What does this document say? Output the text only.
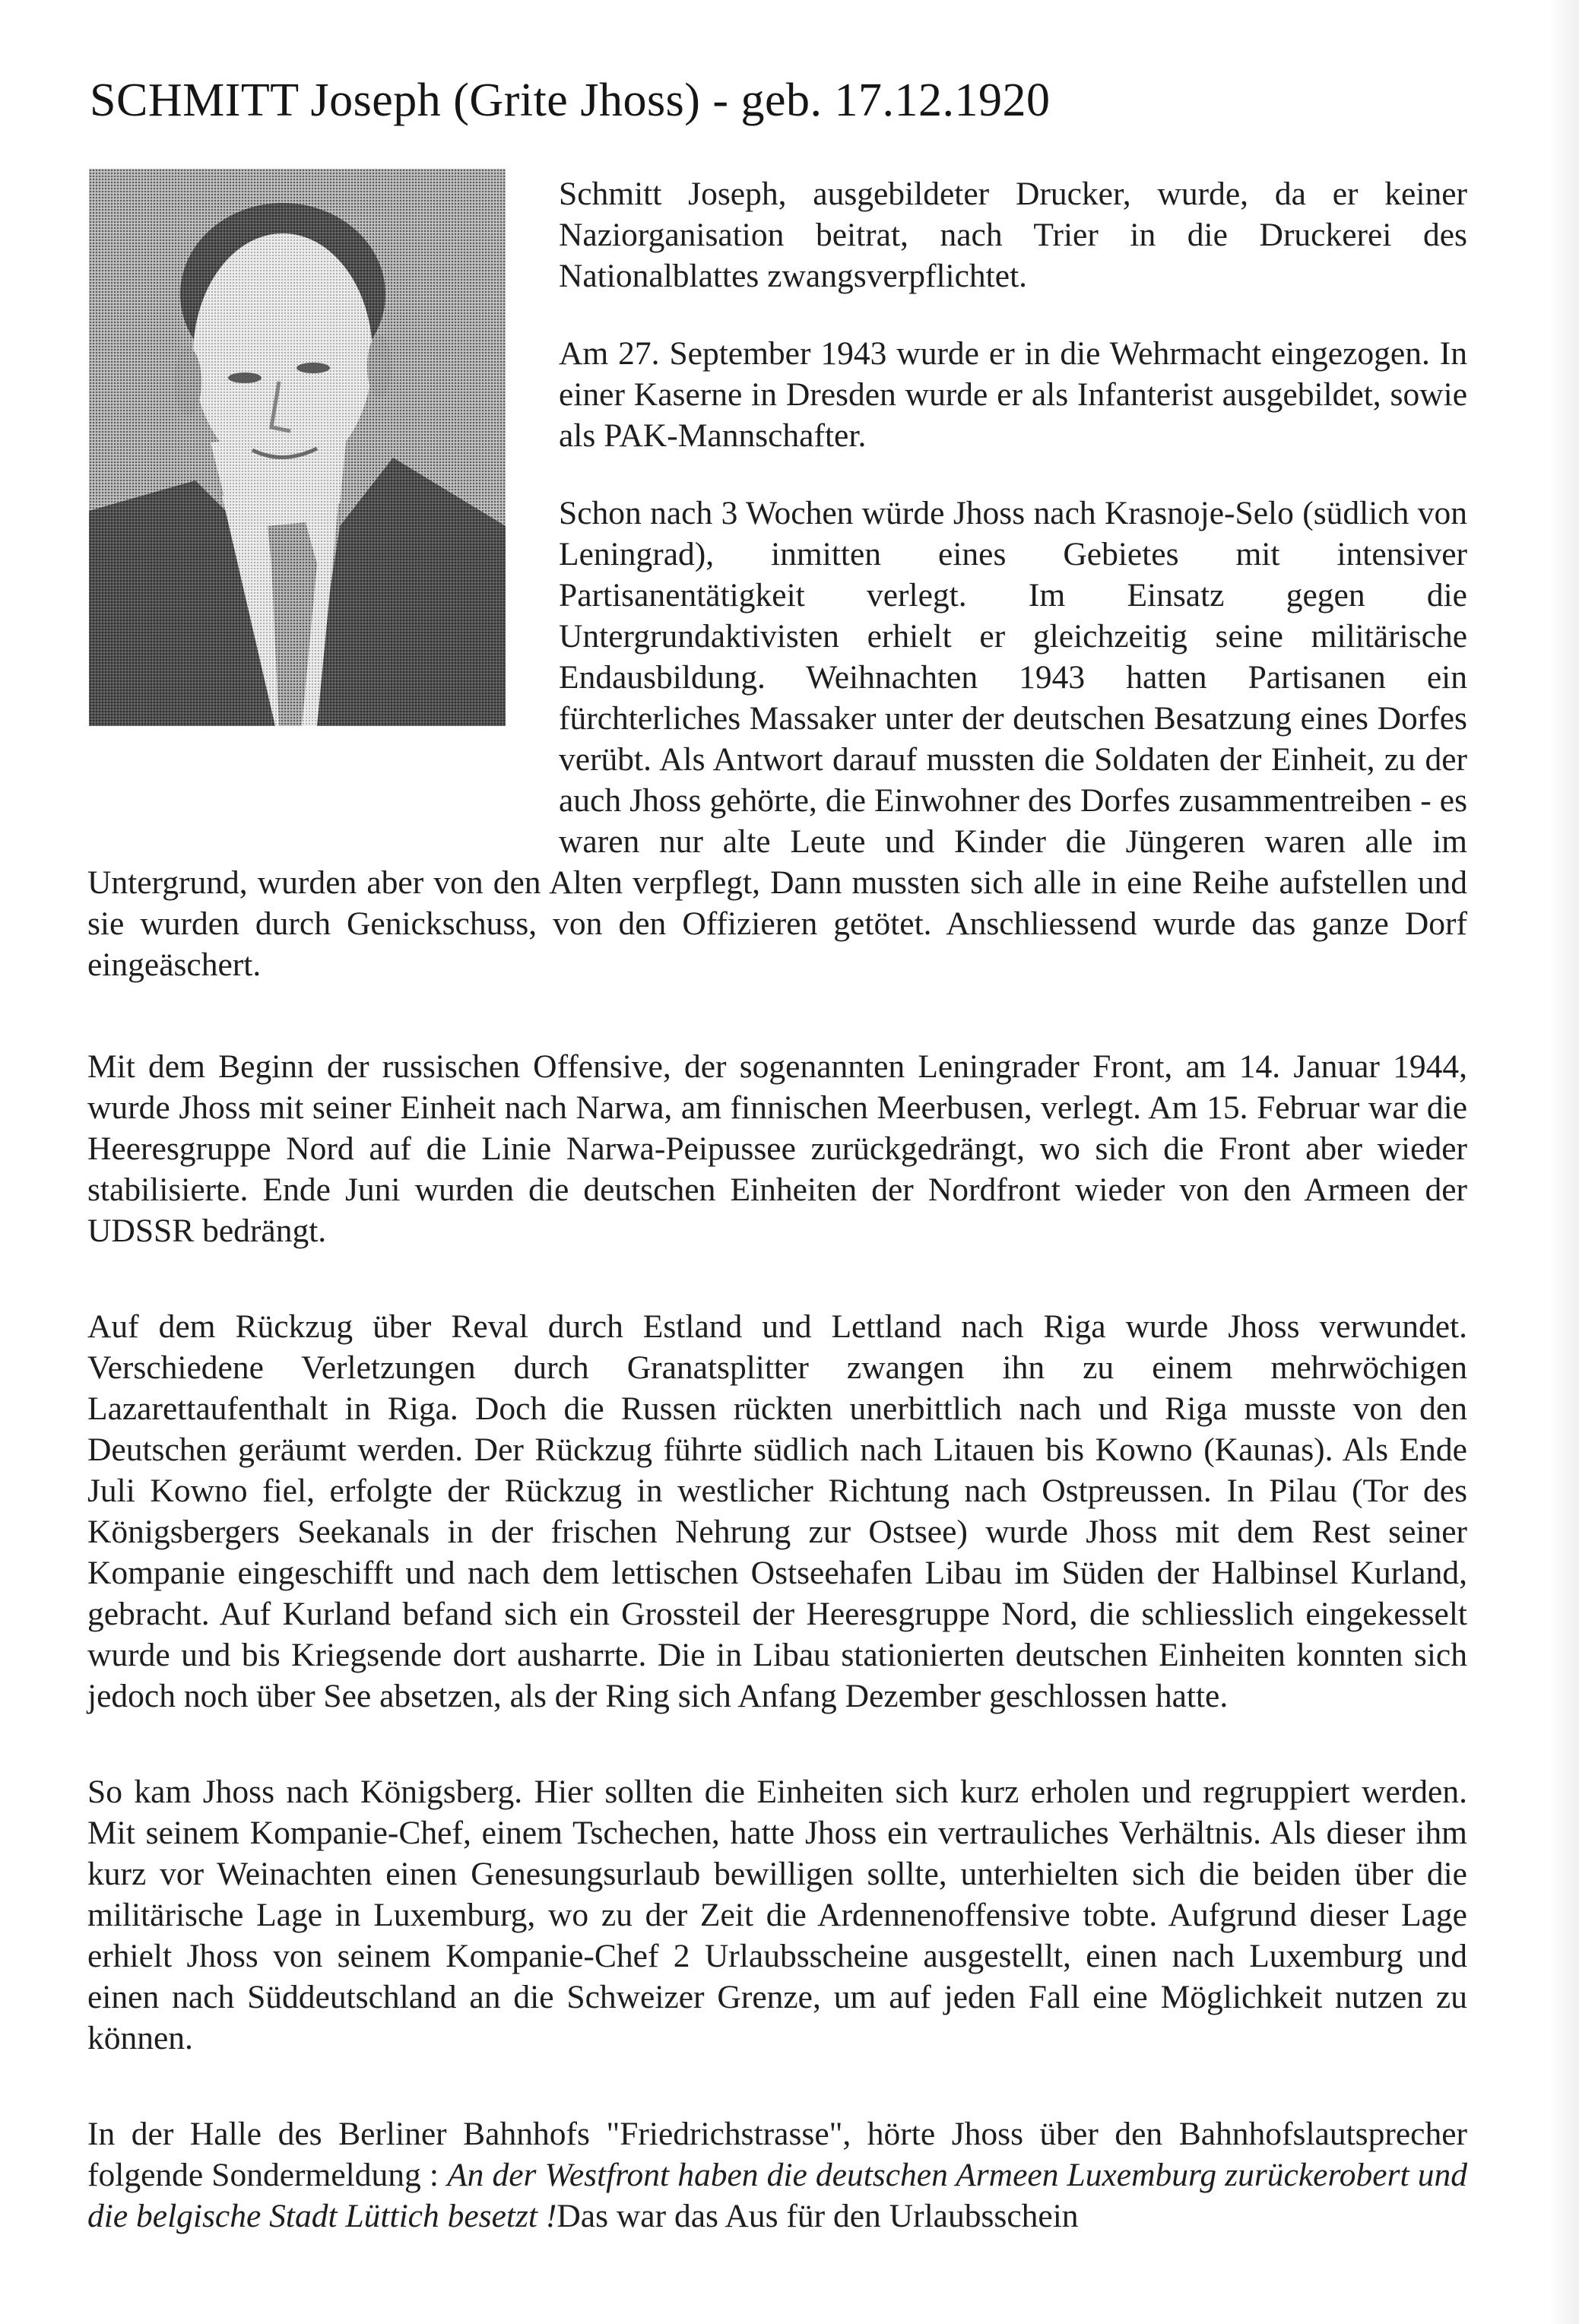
SCHMITT Joseph (Grite Jhoss) - geb. 17.12.1920

Schmitt Joseph, ausgebildeter Drucker, wurde, da er keiner Naziorganisation beitrat, nach Trier in die Druckerei des Nationalblattes zwangsverpflichtet.

Am 27. September 1943 wurde er in die Wehrmacht eingezogen. In einer Kaserne in Dresden wurde er als Infanterist ausgebildet, sowie als PAK-Mannschafter.

Schon nach 3 Wochen würde Jhoss nach Krasnoje-Selo (südlich von Leningrad), inmitten eines Gebietes mit intensiver Partisanentätigkeit verlegt. Im Einsatz gegen die Untergrundaktivisten erhielt er gleichzeitig seine militärische Endausbildung. Weihnachten 1943 hatten Partisanen ein fürchterliches Massaker unter der deutschen Besatzung eines Dorfes verübt. Als Antwort darauf mussten die Soldaten der Einheit, zu der auch Jhoss gehörte, die Einwohner des Dorfes zusammentreiben - es waren nur alte Leute und Kinder die Jüngeren waren alle im Untergrund, wurden aber von den Alten verpflegt, Dann mussten sich alle in eine Reihe aufstellen und sie wurden durch Genickschuss, von den Offizieren getötet. Anschliessend wurde das ganze Dorf eingeäschert.

Mit dem Beginn der russischen Offensive, der sogenannten Leningrader Front, am 14. Januar 1944, wurde Jhoss mit seiner Einheit nach Narwa, am finnischen Meerbusen, verlegt. Am 15. Februar war die Heeresgruppe Nord auf die Linie Narwa-Peipussee zurückgedrängt, wo sich die Front aber wieder stabilisierte. Ende Juni wurden die deutschen Einheiten der Nordfront wieder von den Armeen der UDSSR bedrängt.

Auf dem Rückzug über Reval durch Estland und Lettland nach Riga wurde Jhoss verwundet. Verschiedene Verletzungen durch Granatsplitter zwangen ihn zu einem mehrwöchigen Lazarettaufenthalt in Riga. Doch die Russen rückten unerbittlich nach und Riga musste von den Deutschen geräumt werden. Der Rückzug führte südlich nach Litauen bis Kowno (Kaunas). Als Ende Juli Kowno fiel, erfolgte der Rückzug in westlicher Richtung nach Ostpreussen. In Pilau (Tor des Königsbergers Seekanals in der frischen Nehrung zur Ostsee) wurde Jhoss mit dem Rest seiner Kompanie eingeschifft und nach dem lettischen Ostseehafen Libau im Süden der Halbinsel Kurland, gebracht. Auf Kurland befand sich ein Grossteil der Heeresgruppe Nord, die schliesslich eingekesselt wurde und bis Kriegsende dort ausharrte. Die in Libau stationierten deutschen Einheiten konnten sich jedoch noch über See absetzen, als der Ring sich Anfang Dezember geschlossen hatte.

So kam Jhoss nach Königsberg. Hier sollten die Einheiten sich kurz erholen und regruppiert werden. Mit seinem Kompanie-Chef, einem Tschechen, hatte Jhoss ein vertrauliches Verhältnis. Als dieser ihm kurz vor Weinachten einen Genesungsurlaub bewilligen sollte, unterhielten sich die beiden über die militärische Lage in Luxemburg, wo zu der Zeit die Ardennenoffensive tobte. Aufgrund dieser Lage erhielt Jhoss von seinem Kompanie-Chef 2 Urlaubsscheine ausgestellt, einen nach Luxemburg und einen nach Süddeutschland an die Schweizer Grenze, um auf jeden Fall eine Möglichkeit nutzen zu können.

In der Halle des Berliner Bahnhofs "Friedrichstrasse", hörte Jhoss über den Bahnhofslautsprecher folgende Sondermeldung : An der Westfront haben die deutschen Armeen Luxemburg zurückerobert und die belgische Stadt Lüttich besetzt !Das war das Aus für den Urlaubsschein
